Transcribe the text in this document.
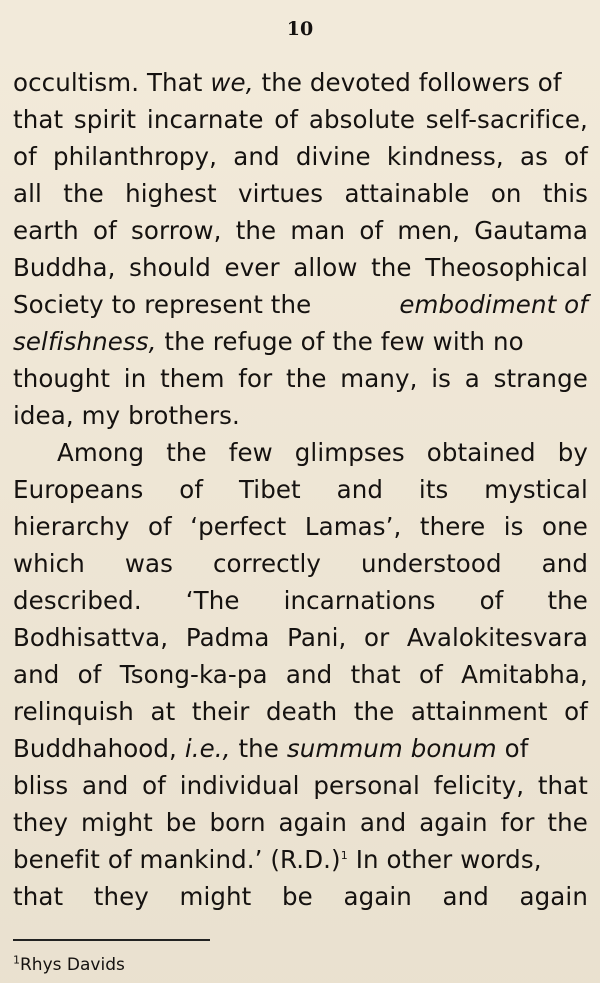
10
occultism. That we, the devoted followers of
that spirit incarnate of absolute self-sacrifice,
of philanthropy, and divine kindness, as of
all the highest virtues attainable on this
earth of sorrow, the man of men, Gautama
Buddha, should ever allow the Theosophical
Society to represent the	embodiment of
selfishness, the refuge of the few with no
thought in them for the many, is a strange
idea, my brothers.
Among the few glimpses obtained by
Europeans of Tibet and its mystical
hierarchy of ‘perfect Lamas’, there is one
which was correctly understood and
described. ‘The incarnations of the
Bodhisattva, Padma Pani, or Avalokitesvara
and of Tsong-ka-pa and that of Amitabha,
relinquish at their death the attainment of
Buddhahood, i.e., the summum bonum of
bliss and of individual personal felicity, that
they might be born again and again for the
benefit of mankind.’ $(R.D.)^1$ In other words,
that they might be again and again
$^1$Rhys Davids
